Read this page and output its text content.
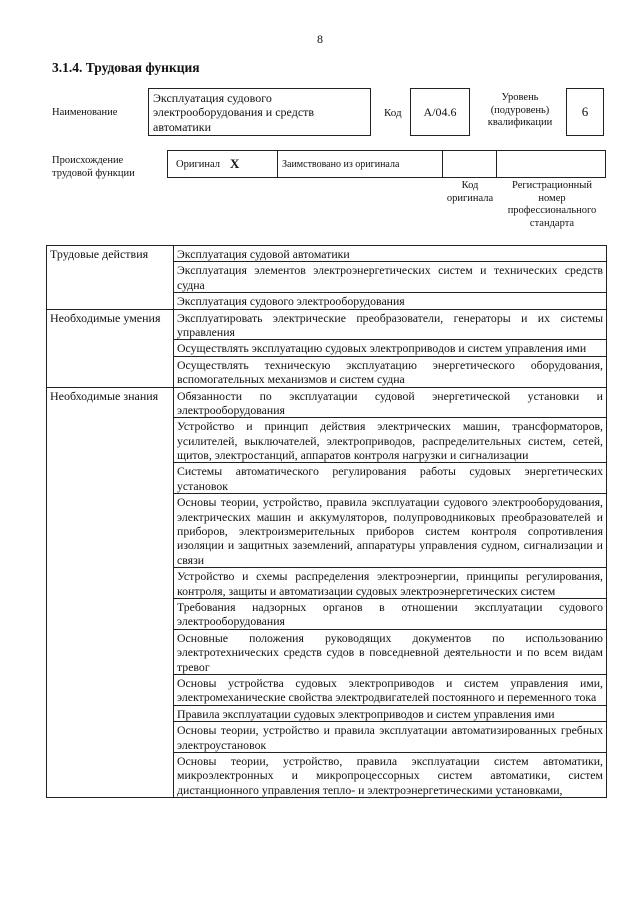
8
3.1.4. Трудовая функция
Наименование
Эксплуатация судового электрооборудования и средств автоматики
Код A/04.6
Уровень (подуровень) квалификации
6
Происхождение трудовой функции
Оригинал X	Заимствовано из оригинала
Код оригинала
Регистрационный номер профессионального стандарта
Трудовые действия	Эксплуатация судовой автоматики
	Эксплуатация элементов электроэнергетических систем и технических средств судна
	Эксплуатация судового электрооборудования
Необходимые умения	Эксплуатировать электрические преобразователи, генераторы и их системы управления
	Осуществлять эксплуатацию судовых электроприводов и систем управления ими
	Осуществлять техническую эксплуатацию энергетического оборудования, вспомогательных механизмов и систем судна
Необходимые знания	Обязанности по эксплуатации судовой энергетической установки и электрооборудования
	Устройство и принцип действия электрических машин, трансформаторов, усилителей, выключателей, электроприводов, распределительных систем, сетей, щитов, электростанций, аппаратов контроля нагрузки и сигнализации
	Системы автоматического регулирования работы судовых энергетических установок
	Основы теории, устройство, правила эксплуатации судового электрооборудования, электрических машин и аккумуляторов, полупроводниковых преобразователей и приборов, электроизмерительных приборов систем контроля сопротивления изоляции и защитных заземлений, аппаратуры управления судном, сигнализации и связи
	Устройство и схемы распределения электроэнергии, принципы регулирования, контроля, защиты и автоматизации судовых электроэнергетических систем
	Требования надзорных органов в отношении эксплуатации судового электрооборудования
	Основные положения руководящих документов по использованию электротехнических средств судов в повседневной деятельности и по всем видам тревог
	Основы устройства судовых электроприводов и систем управления ими, электромеханические свойства электродвигателей постоянного и переменного тока
	Правила эксплуатации судовых электроприводов и систем управления ими
	Основы теории, устройство и правила эксплуатации автоматизированных гребных электроустановок
	Основы теории, устройство, правила эксплуатации систем автоматики, микроэлектронных и микропроцессорных систем автоматики, систем дистанционного управления тепло- и электроэнергетическими установками,
